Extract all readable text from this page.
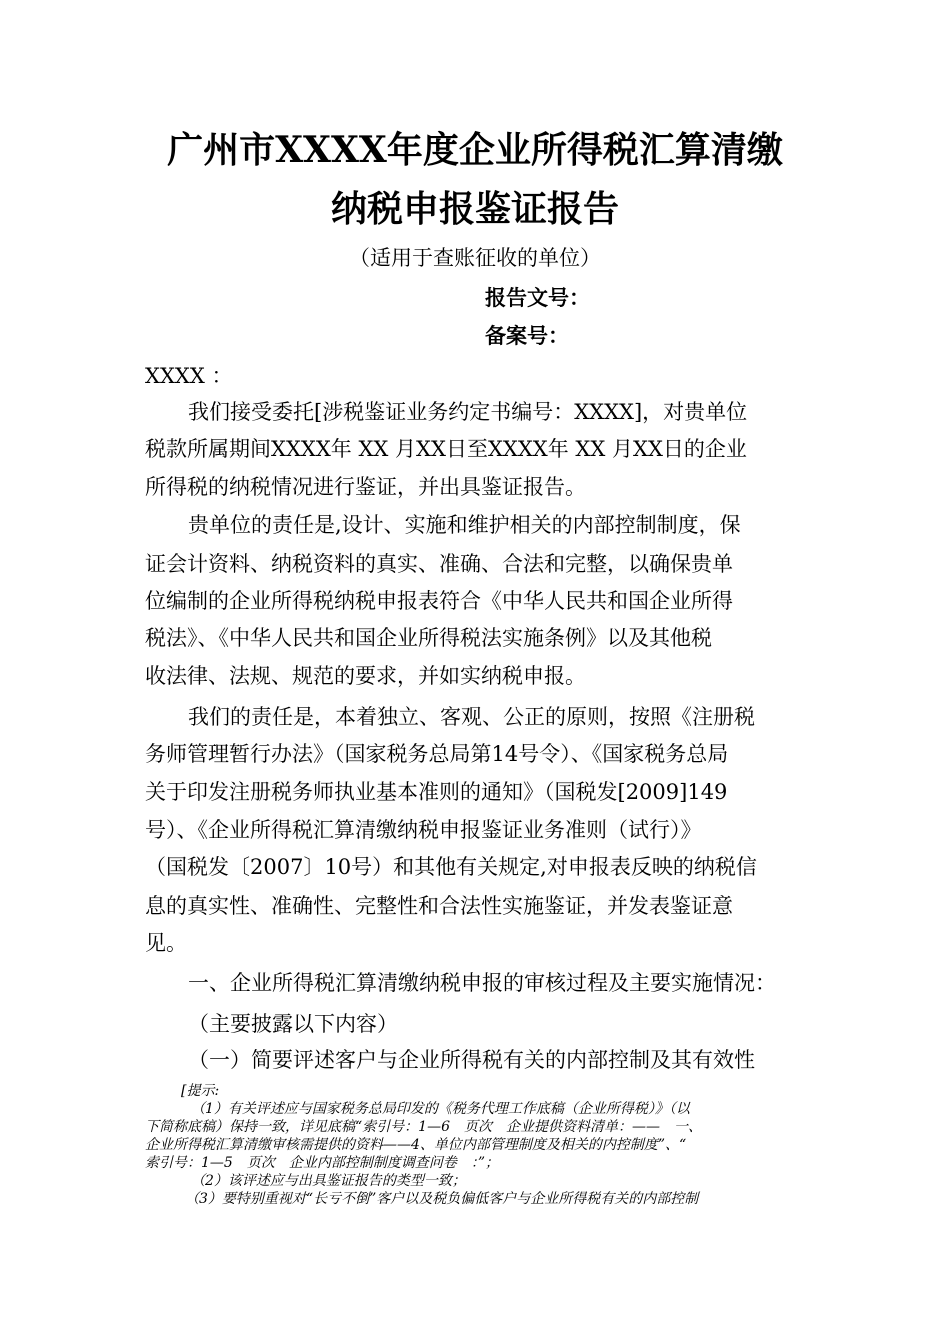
广州市XXXX年度企业所得税汇算清缴
纳税申报鉴证报告
（适用于查账征收的单位）
报告文号：
备案号：
XXXX ：
我们接受委托[涉税鉴证业务约定书编号：XXXX]，对贵单位
税款所属期间XXXX年 XX 月XX日至XXXX年 XX 月XX日的企业
所得税的纳税情况进行鉴证，并出具鉴证报告。
贵单位的责任是,设计、实施和维护相关的内部控制制度，保
证会计资料、纳税资料的真实、准确、合法和完整，以确保贵单
位编制的企业所得税纳税申报表符合《中华人民共和国企业所得
税法》、《中华人民共和国企业所得税法实施条例》以及其他税
收法律、法规、规范的要求，并如实纳税申报。
我们的责任是，本着独立、客观、公正的原则，按照《注册税
务师管理暂行办法》（国家税务总局第14号令）、《国家税务总局
关于印发注册税务师执业基本准则的通知》（国税发[2009]149
号）、《企业所得税汇算清缴纳税申报鉴证业务准则（试行）》
（国税发〔2007〕10号）和其他有关规定,对申报表反映的纳税信
息的真实性、准确性、完整性和合法性实施鉴证，并发表鉴证意
见。
一、企业所得税汇算清缴纳税申报的审核过程及主要实施情况：
（主要披露以下内容）
（一）简要评述客户与企业所得税有关的内部控制及其有效性
[提示:
（1）有关评述应与国家税务总局印发的《税务代理工作底稿（企业所得税）》（以
下简称底稿）保持一致，详见底稿“索引号：1—6　页次　企业提供资料清单：——　一、
企业所得税汇算清缴审核需提供的资料——4、单位内部管理制度及相关的内控制度”、“
索引号：1—5　页次　企业内部控制制度调查问卷　：”；
（2）该评述应与出具鉴证报告的类型一致；
（3）要特别重视对“长亏不倒”客户以及税负偏低客户与企业所得税有关的内部控制
